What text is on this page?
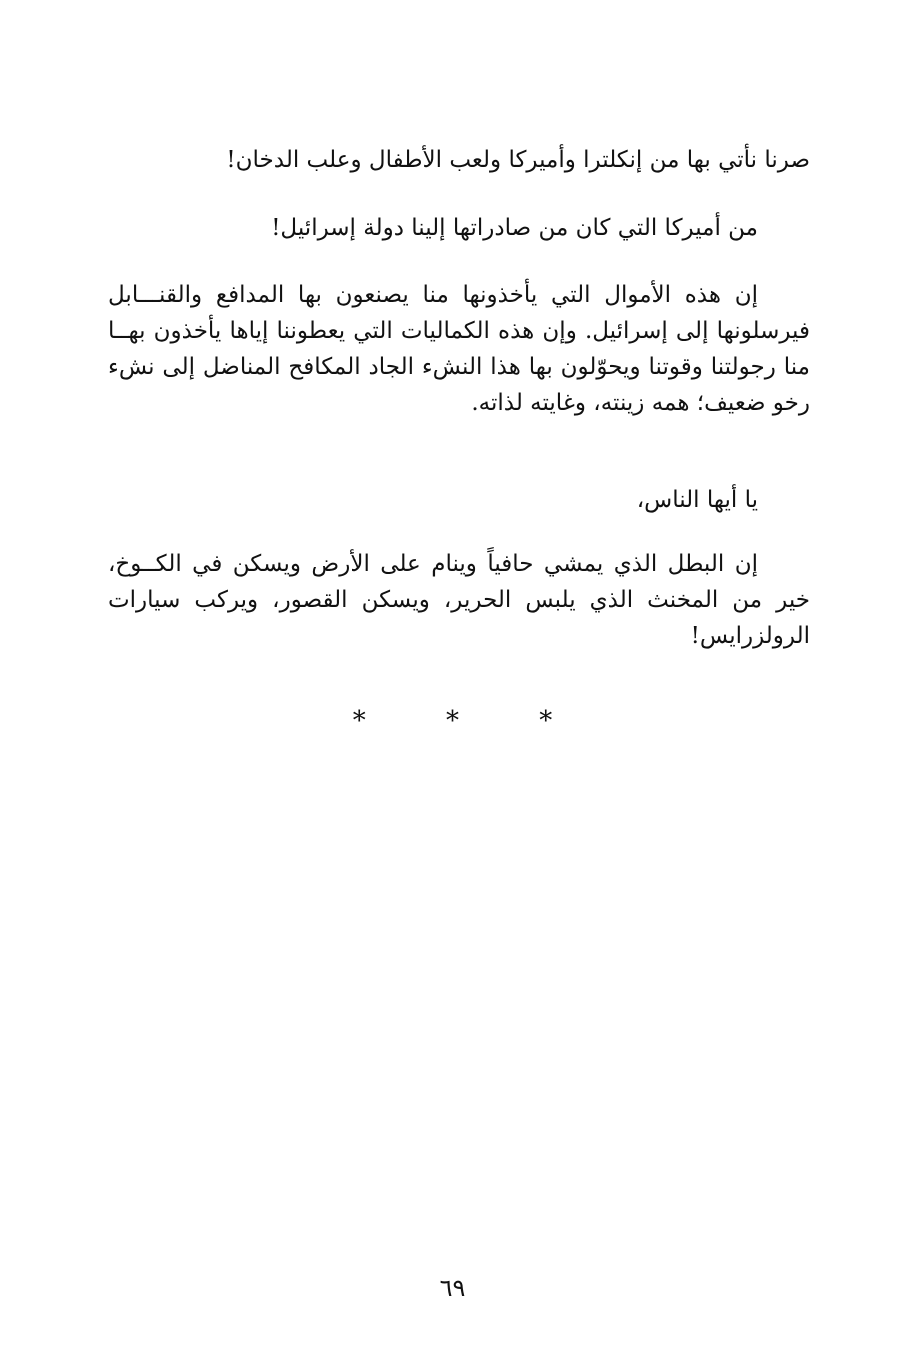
صرنا نأتي بها من إنكلترا وأميركا ولعب الأطفال وعلب الدخان!
من أميركا التي كان من صادراتها إلينا دولة إسرائيل!
إن هذه الأموال التي يأخذونها منا يصنعون بها المدافع والقنـــابل
فيرسلونها إلى إسرائيل. وإن هذه الكماليات التي يعطوننا إياها يأخذون بهــا
منا رجولتنا وقوتنا ويحوّلون بها هذا النشء الجاد المكافح المناضل إلى نشء
رخو ضعيف؛ همه زينته، وغايته لذاته.
يا أيها الناس،
إن البطل الذي يمشي حافياً وينام على الأرض ويسكن في الكــوخ،
خير من المخنث الذي يلبس الحرير، ويسكن القصور، ويركب سيارات
الرولزرايس!
* * *
٦٩
